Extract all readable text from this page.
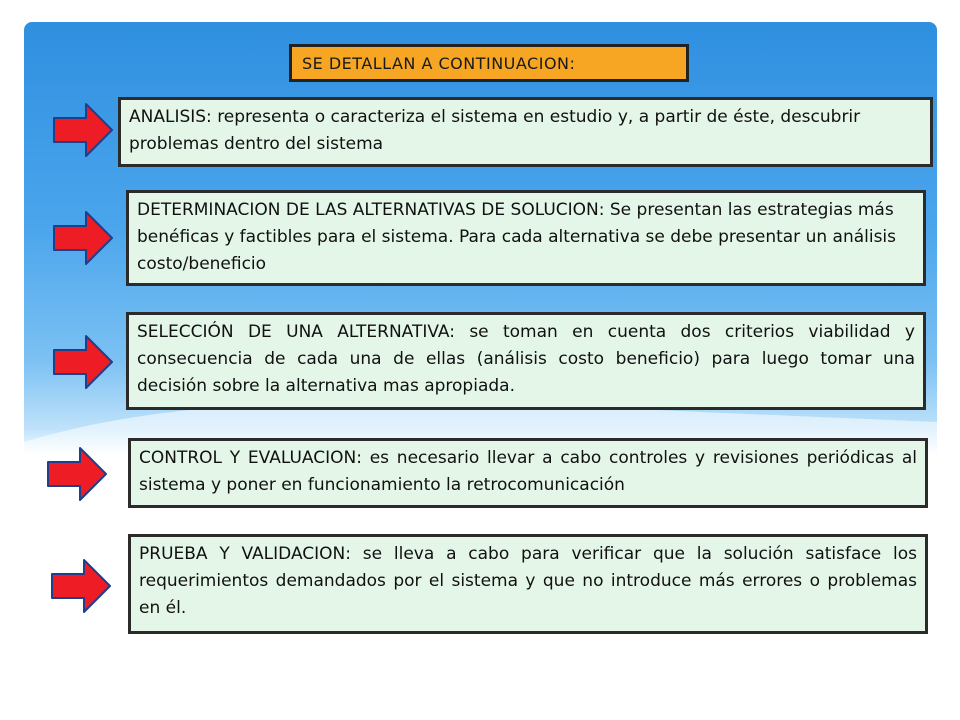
SE DETALLAN A CONTINUACION:
ANALISIS: representa o caracteriza el sistema en estudio y, a partir de éste, descubrir problemas dentro del sistema
DETERMINACION DE LAS ALTERNATIVAS DE SOLUCION: Se presentan las estrategias más benéficas y factibles para el sistema. Para cada alternativa se debe presentar un análisis costo/beneficio
SELECCIÓN DE UNA ALTERNATIVA: se toman en cuenta dos criterios viabilidad y consecuencia de cada una de ellas (análisis costo beneficio) para luego tomar una decisión sobre la alternativa mas apropiada.
CONTROL Y EVALUACION: es necesario llevar a cabo controles y revisiones periódicas al sistema y poner en funcionamiento la retrocomunicación
PRUEBA Y VALIDACION: se lleva a cabo para verificar que la solución satisface los requerimientos demandados por el sistema y que no introduce más errores o problemas en él.
